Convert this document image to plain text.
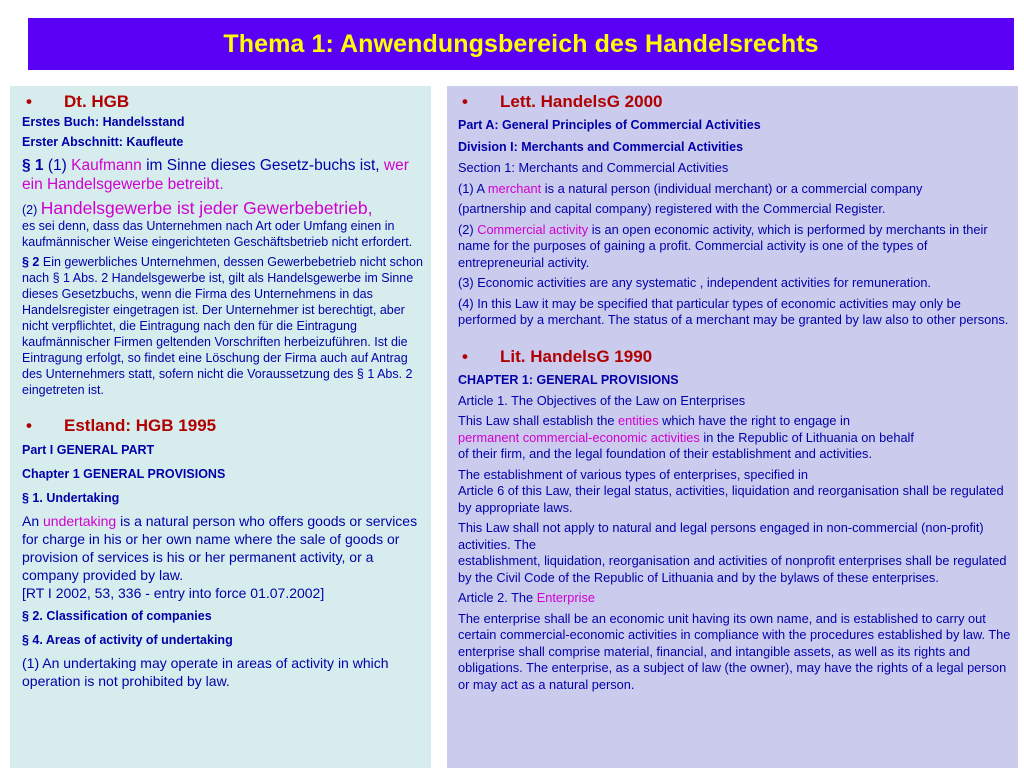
Thema 1: Anwendungsbereich des Handelsrechts
•	Dt. HGB
Erstes Buch: Handelsstand
Erster Abschnitt: Kaufleute
§ 1 (1) Kaufmann im Sinne dieses Gesetz-buchs ist, wer ein Handelsgewerbe betreibt.
(2) Handelsgewerbe ist jeder Gewerbebetrieb,
es sei denn, dass das Unternehmen nach Art oder Umfang einen in kaufmännischer Weise eingerichteten Geschäftsbetrieb nicht erfordert.
§ 2 Ein gewerbliches Unternehmen, dessen Gewerbebetrieb nicht schon nach § 1 Abs. 2 Handelsgewerbe ist, gilt als Handelsgewerbe im Sinne dieses Gesetzbuchs, wenn die Firma des Unternehmens in das Handelsregister eingetragen ist. Der Unternehmer ist berechtigt, aber nicht verpflichtet, die Eintragung nach den für die Eintragung kaufmännischer Firmen geltenden Vorschriften herbeizuführen. Ist die Eintragung erfolgt, so findet eine Löschung der Firma auch auf Antrag des Unternehmers statt, sofern nicht die Voraussetzung des § 1 Abs. 2 eingetreten ist.
•	Estland: HGB 1995
Part I GENERAL PART
Chapter 1 GENERAL PROVISIONS
§ 1. Undertaking
An undertaking is a natural person who offers goods or services for charge in his or her own name where the sale of goods or provision of services is his or her permanent activity, or a company provided by law.
[RT I 2002, 53, 336 - entry into force 01.07.2002]
§ 2. Classification of companies
§ 4. Areas of activity of undertaking
(1) An undertaking may operate in areas of activity in which operation is not prohibited by law.
•	Lett. HandelsG 2000
Part A: General Principles of Commercial Activities
Division I: Merchants and Commercial Activities
Section 1: Merchants and Commercial Activities
(1) A merchant is a natural person (individual merchant) or a commercial company
(partnership and capital company) registered with the Commercial Register.
(2) Commercial activity is an open economic activity, which is performed by merchants in their name for the purposes of gaining a profit. Commercial activity is one of the types of entrepreneurial activity.
(3) Economic activities are any systematic , independent activities for remuneration.
(4) In this Law it may be specified that particular types of economic activities may only be performed by a merchant. The status of a merchant may be granted by law also to other persons.
•	Lit. HandelsG 1990
CHAPTER 1: GENERAL PROVISIONS
Article 1. The Objectives of the Law on Enterprises
This Law shall establish the entities which have the right to engage in
permanent commercial-economic activities in the Republic of Lithuania on behalf
of their firm, and the legal foundation of their establishment and activities.
The establishment of various types of enterprises, specified in
Article 6 of this Law, their legal status, activities, liquidation and reorganisation shall be regulated by appropriate laws.
This Law shall not apply to natural and legal persons engaged in non-commercial (non-profit) activities. The
establishment, liquidation, reorganisation and activities of nonprofit enterprises shall be regulated by the Civil Code of the Republic of Lithuania and by the bylaws of these enterprises.
Article 2. The Enterprise
The enterprise shall be an economic unit having its own name, and is established to carry out certain commercial-economic activities in compliance with the procedures established by law. The enterprise shall comprise material, financial, and intangible assets, as well as its rights and obligations. The enterprise, as a subject of law (the owner), may have the rights of a legal person or may act as a natural person.
